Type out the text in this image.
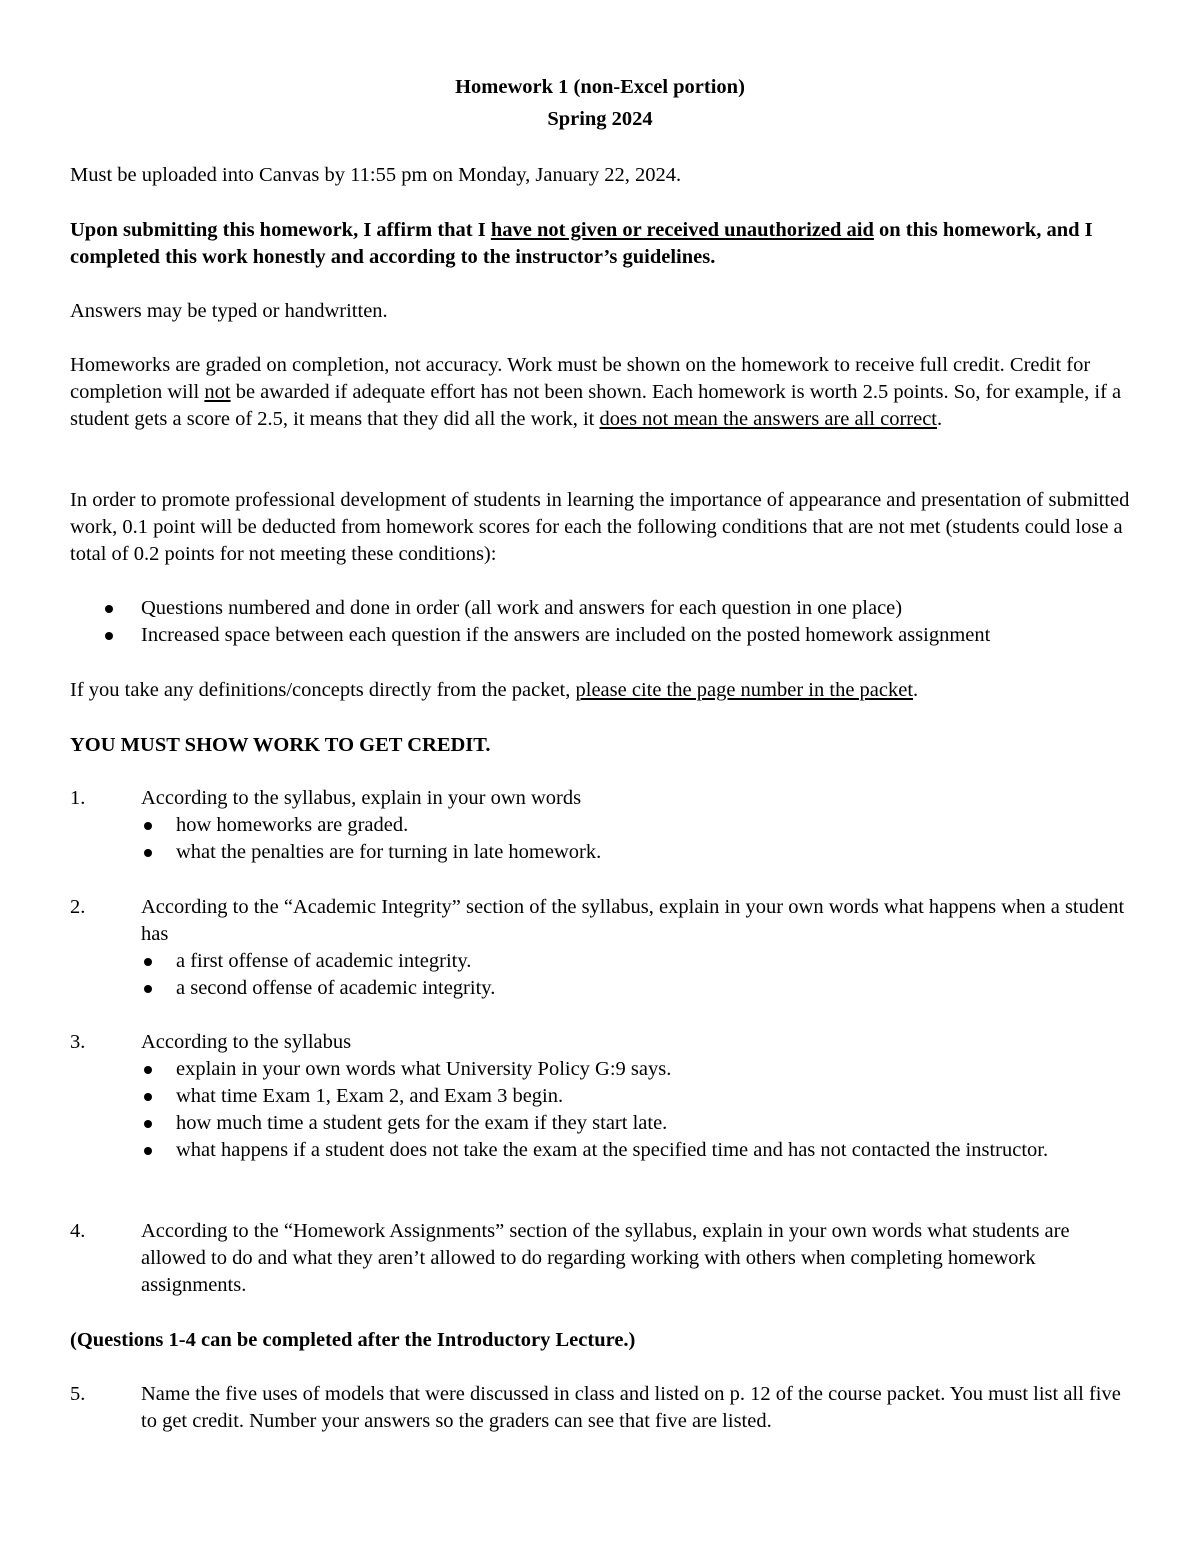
Homework 1 (non-Excel portion)
Spring 2024
Must be uploaded into Canvas by 11:55 pm on Monday, January 22, 2024.
Upon submitting this homework, I affirm that I have not given or received unauthorized aid on this homework, and I completed this work honestly and according to the instructor’s guidelines.
Answers may be typed or handwritten.
Homeworks are graded on completion, not accuracy. Work must be shown on the homework to receive full credit. Credit for completion will not be awarded if adequate effort has not been shown. Each homework is worth 2.5 points. So, for example, if a student gets a score of 2.5, it means that they did all the work, it does not mean the answers are all correct.
In order to promote professional development of students in learning the importance of appearance and presentation of submitted work, 0.1 point will be deducted from homework scores for each the following conditions that are not met (students could lose a total of 0.2 points for not meeting these conditions):
Questions numbered and done in order (all work and answers for each question in one place)
Increased space between each question if the answers are included on the posted homework assignment
If you take any definitions/concepts directly from the packet, please cite the page number in the packet.
YOU MUST SHOW WORK TO GET CREDIT.
1.	According to the syllabus, explain in your own words
how homeworks are graded.
what the penalties are for turning in late homework.
2.	According to the “Academic Integrity” section of the syllabus, explain in your own words what happens when a student has
a first offense of academic integrity.
a second offense of academic integrity.
3.	According to the syllabus
explain in your own words what University Policy G:9 says.
what time Exam 1, Exam 2, and Exam 3 begin.
how much time a student gets for the exam if they start late.
what happens if a student does not take the exam at the specified time and has not contacted the instructor.
4.	According to the “Homework Assignments” section of the syllabus, explain in your own words what students are allowed to do and what they aren’t allowed to do regarding working with others when completing homework assignments.
(Questions 1-4 can be completed after the Introductory Lecture.)
5.	Name the five uses of models that were discussed in class and listed on p. 12 of the course packet. You must list all five to get credit. Number your answers so the graders can see that five are listed.
